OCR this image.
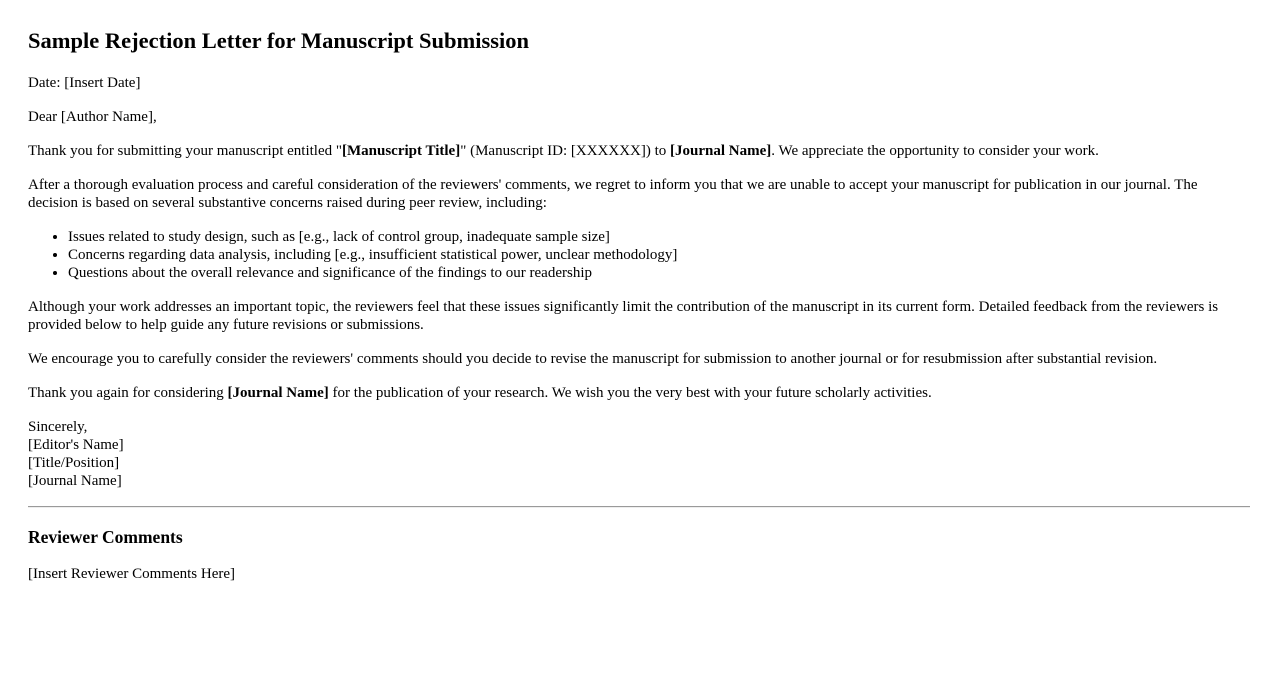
Sample Rejection Letter for Manuscript Submission

Date: [Insert Date]

Dear [Author Name],

Thank you for submitting your manuscript entitled "[Manuscript Title]" (Manuscript ID: [XXXXXX]) to [Journal Name]. We appreciate the opportunity to consider your work.

After a thorough evaluation process and careful consideration of the reviewers' comments, we regret to inform you that we are unable to accept your manuscript for publication in our journal. The decision is based on several substantive concerns raised during peer review, including:

• Issues related to study design, such as [e.g., lack of control group, inadequate sample size]
• Concerns regarding data analysis, including [e.g., insufficient statistical power, unclear methodology]
• Questions about the overall relevance and significance of the findings to our readership

Although your work addresses an important topic, the reviewers feel that these issues significantly limit the contribution of the manuscript in its current form. Detailed feedback from the reviewers is provided below to help guide any future revisions or submissions.

We encourage you to carefully consider the reviewers' comments should you decide to revise the manuscript for submission to another journal or for resubmission after substantial revision.

Thank you again for considering [Journal Name] for the publication of your research. We wish you the very best with your future scholarly activities.

Sincerely,
[Editor's Name]
[Title/Position]
[Journal Name]

Reviewer Comments

[Insert Reviewer Comments Here]
